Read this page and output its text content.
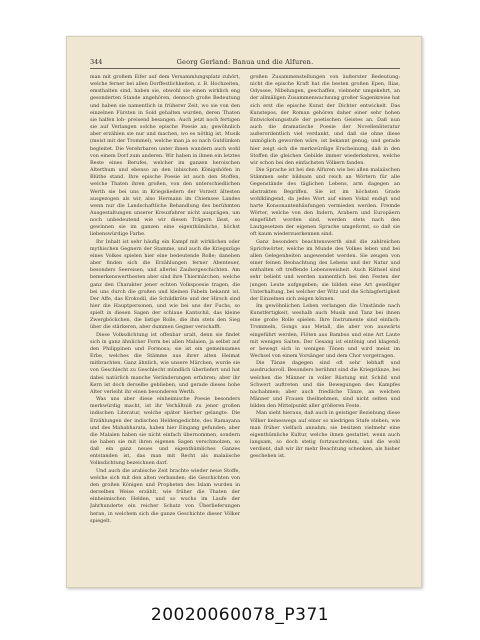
344	Georg Gerland: Banua und die Alfuren.

man mit großem Eifer auf dem Versammlungsplatz zuhört, welche ferner bei allen Dorffestlichkeiten, z. B. Hochzeiten, emsthalten sind, haben sie, obwohl sie einen wirklich eng gesonderten Stande angehören, dennoch große Bedeutung und haben sie namentlich in früherer Zeit, wo sie von den einzelnen Fürsten in Sold gehalten wurden, deren Thaten sie halfen lob- preisend besangen. Auch jetzt noch fertigen sie auf Verlangen solche epische Poesie an; gewöhnlich aber erzählen sie nur und machen, wo es nöthig ist, Musik (meist mit der Trommel), welche man ja so nach Gutdünken begleitet. Die Verehrbaren unter ihnen wandern auch wohl von einem Dorf zum anderen. Wir haben in ihnen ein letztes Reste eines Berufes, welcher im ganzen heroischen Alterthum und ebenso an den inbischen Königshöfen in Blüthe stand. Ihre epische Poesie ist auch den Stoffen, welche Thaten ihren großen, von den unterschiedlichen Werth sie bei uns in Kriegsliedern der Vorzeit ältesten ausgezogen als wir, also Hermann im Chiemsee Landes wenn nur die Landschaftliche Behandlung des berühmten Ausgestaltungen unserer Kreuzfahrer nicht ausprägen, um noch unbedeutend wie wir diesen Trägern lässt, so gewinnen sie im ganzen eine eigenthümliche, höchst liebenswürdige Farbe.

Ihr Inhalt ist sehr häufig ein Kampf mit wirklichen oder mythischen Gegnern der Stamme, und auch die Kriegszüge eines Volkes spielen hier eine bedeutende Rolle; daneben aber finden sich die Erzählungen ferner Abenteuer, besonders Seereisen, und allerlei Zaubergeschichten. Am bemerkenswerthesten aber sind ihre Thiermärchen, welche ganz den Charakter jener echten Volkspoesie tragen, die bei uns durch die großen und kleinen Fabeln bekannt ist. Der Affe, das Krokodil, die Schildkröte und der Hirsch sind hier die Hauptpersonen, und wie bei uns der Fuchs, so spielt in diesen Sagen der schlaue Kantschil, das kleine Zwergböckchen, die listige Rolle, die ihm stets den Sieg über die stärkeren, aber dummen Gegner verschafft.

Diese Volksdichtung ist offenbar uralt, denn sie findet sich in ganz ähnlicher Form bei allen Malaien, ja selbst auf den Philippinen und Formosa; sie ist ein gemeinsames Erbe, welches die Stämme aus ihrer alten Heimat mitbrachten. Ganz ähnlich, wie unsere Märchen, wurde sie von Geschlecht zu Geschlecht mündlich überliefert und hat dabei natürlich manche Veränderungen erfahren; aber ihr Kern ist doch derselbe geblieben, und gerade dieses hohe Alter verleiht ihr einen besonderen Werth.

Was uns aber diese einheimische Poesie besonders merkwürdig macht, ist ihr Verhältniß zu jener großen indischen Literatur, welche später hierher gelangte. Die Erzählungen der indischen Heldengedichte, des Ramayana und des Mahabharata, haben hier Eingang gefunden; aber die Malaien haben sie nicht einfach übernommen, sondern sie haben sie mit ihren eigenen Sagen verschmolzen, so daß ein ganz neues und eigenthümliches Ganzes entstanden ist, das man mit Recht als malaiische Volksdichtung bezeichnen darf.

Und auch die arabische Zeit brachte wieder neue Stoffe, welche sich mit den alten verbanden; die Geschichten von den großen Königen und Propheten des Islam wurden in derselben Weise erzählt, wie früher die Thaten der einheimischen Helden, und so wuchs im Laufe der Jahrhunderte ein reicher Schatz von Überlieferungen heran, in welchem sich die ganze Geschichte dieser Völker spiegelt.

großen Zusammenstellungen von äußerster Bedeutung: nicht die epische Kraft hat die besten großen Epen, Ilias, Odyssee, Nibelungen, geschaffen, vielmehr umgekehrt, an der allmäligen Zusammenwachsung großer Sagenkreise hat sich erst die epische Kunst der Dichter entwickelt. Das Kunstepos, der Roman gehören daher einer sehr hohen Entwickelungsstufe der poetischen Geistes an. Daß nun auch die dramatische Poesie der Novellenliteratur außerordentlich viel verdankt, und daß sie ohne diese unmöglich geworden wäre, ist bekannt genug; und gerade hier zeigt sich die merkwürdige Erscheinung, daß in den Stoffen die gleichen Gebilde immer wiederkehren, welche wir schon bei den einfachsten Völkern fanden.

Die Sprache ist bei den Alfuren wie bei allen malaiischen Stämmen sehr bildsam und reich an Wörtern für alle Gegenstände des täglichen Lebens, arm dagegen an abstrakten Begriffen. Sie ist im höchsten Grade wohlklingend, da jedes Wort auf einen Vokal endigt und harte Konsonantenhäufungen vermieden werden. Fremde Wörter, welche von den Indern, Arabern und Europäern eingeführt worden sind, werden stets nach den Lautgesetzen der eigenen Sprache umgeformt, so daß sie oft kaum wiederzuerkennen sind.

Ganz besonders beachtenswerth sind die zahlreichen Sprichwörter, welche im Munde des Volkes leben und bei allen Gelegenheiten angewendet werden. Sie zeugen von einer feinen Beobachtung des Lebens und der Natur und enthalten oft treffende Lebensweisheit. Auch Räthsel sind sehr beliebt und werden namentlich bei den Festen der jungen Leute aufgegeben; sie bilden eine Art geselliger Unterhaltung, bei welcher der Witz und die Schlagfertigkeit der Einzelnen sich zeigen können.

Im gewöhnlichen Leben verlangen die Umstände nach Kunstfertigkeit, weshalb auch Musik und Tanz bei ihnen eine große Rolle spielen. Ihre Instrumente sind einfach: Trommeln, Gongs aus Metall, die aber von auswärts eingeführt werden, Flöten aus Bambus und eine Art Laute mit wenigen Saiten. Der Gesang ist eintönig und klagend; er bewegt sich in wenigen Tönen und wird meist im Wechsel von einem Vorsänger und dem Chor vorgetragen.

Die Tänze dagegen sind oft sehr lebhaft und ausdrucksvoll. Besonders berühmt sind die Kriegstänze, bei welchen die Männer in voller Rüstung mit Schild und Schwert auftreten und die Bewegungen des Kampfes nachahmen; aber auch friedliche Tänze, an welchen Männer und Frauen theilnehmen, sind nicht selten und bilden den Mittelpunkt aller größeren Feste.

Man sieht hieraus, daß auch in geistiger Beziehung diese Völker keineswegs auf einer so niedrigen Stufe stehen, wie man früher vielfach annahm; sie besitzen vielmehr eine eigenthümliche Kultur, welche ihnen gestattet, wenn auch langsam, so doch stetig fortzuschreiten, und die wohl verdient, daß wir ihr mehr Beachtung schenken, als bisher geschehen ist.

20020060078_P371
